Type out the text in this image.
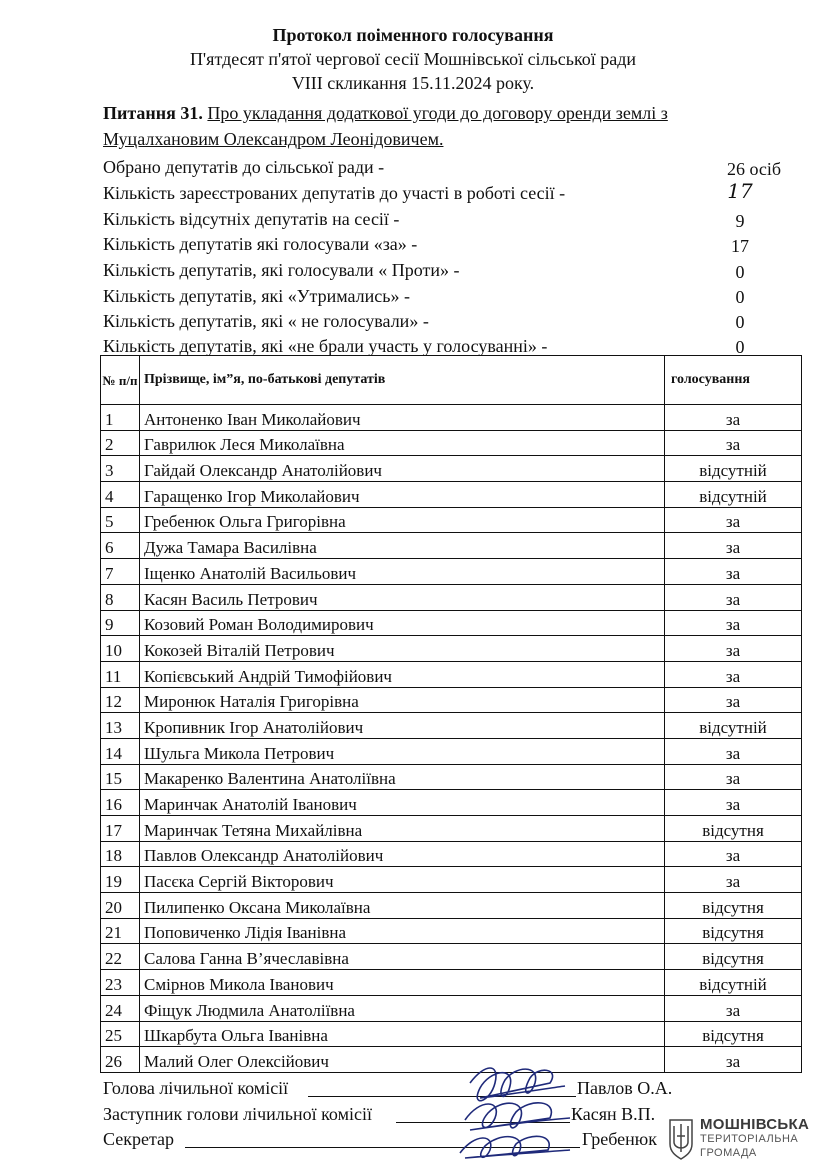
Протокол поіменного голосування
П'ятдесят п'ятої чергової сесії Мошнівської сільської ради
VIII скликання 15.11.2024 року.
Питання 31. Про укладання додаткової угоди до договору оренди землі з Муцалхановим Олександром Леонідовичем.
Обрано депутатів до сільської ради -	26 осіб
Кількість зареєстрованих депутатів до участі в роботі сесії -	17
Кількість відсутніх депутатів на сесії -	9
Кількість депутатів які голосували «за» -	17
Кількість депутатів, які голосували « Проти» -	0
Кількість депутатів, які «Утримались» -	0
Кількість депутатів, які « не голосували» -	0
Кількість депутатів, які «не брали участь у голосуванні» -	0
№ п/п	Прізвище, ім”я, по-батькові депутатів	голосування
1	Антоненко Іван Миколайович	за
2	Гаврилюк Леся Миколаївна	за
3	Гайдай Олександр Анатолійович	відсутній
4	Гаращенко Ігор Миколайович	відсутній
5	Гребенюк Ольга Григорівна	за
6	Дужа Тамара Василівна	за
7	Іщенко Анатолій Васильович	за
8	Касян Василь Петрович	за
9	Козовий Роман Володимирович	за
10	Кокозей Віталій Петрович	за
11	Копієвський Андрій Тимофійович	за
12	Миронюк Наталія Григорівна	за
13	Кропивник Ігор Анатолійович	відсутній
14	Шульга Микола Петрович	за
15	Макаренко Валентина Анатоліївна	за
16	Маринчак Анатолій Іванович	за
17	Маринчак Тетяна Михайлівна	відсутня
18	Павлов Олександр Анатолійович	за
19	Пасєка Сергій Вікторович	за
20	Пилипенко Оксана Миколаївна	відсутня
21	Поповиченко Лідія Іванівна	відсутня
22	Салова Ганна В’ячеславівна	відсутня
23	Смірнов Микола Іванович	відсутній
24	Фіщук Людмила Анатоліївна	за
25	Шкарбута Ольга Іванівна	відсутня
26	Малий Олег Олексійович	за
Голова лічильної комісії	Павлов О.А.
Заступник голови лічильної комісії	Касян В.П.
Секретар	Гребенюк
МОШНІВСЬКА
ТЕРИТОРІАЛЬНА
ГРОМАДА
